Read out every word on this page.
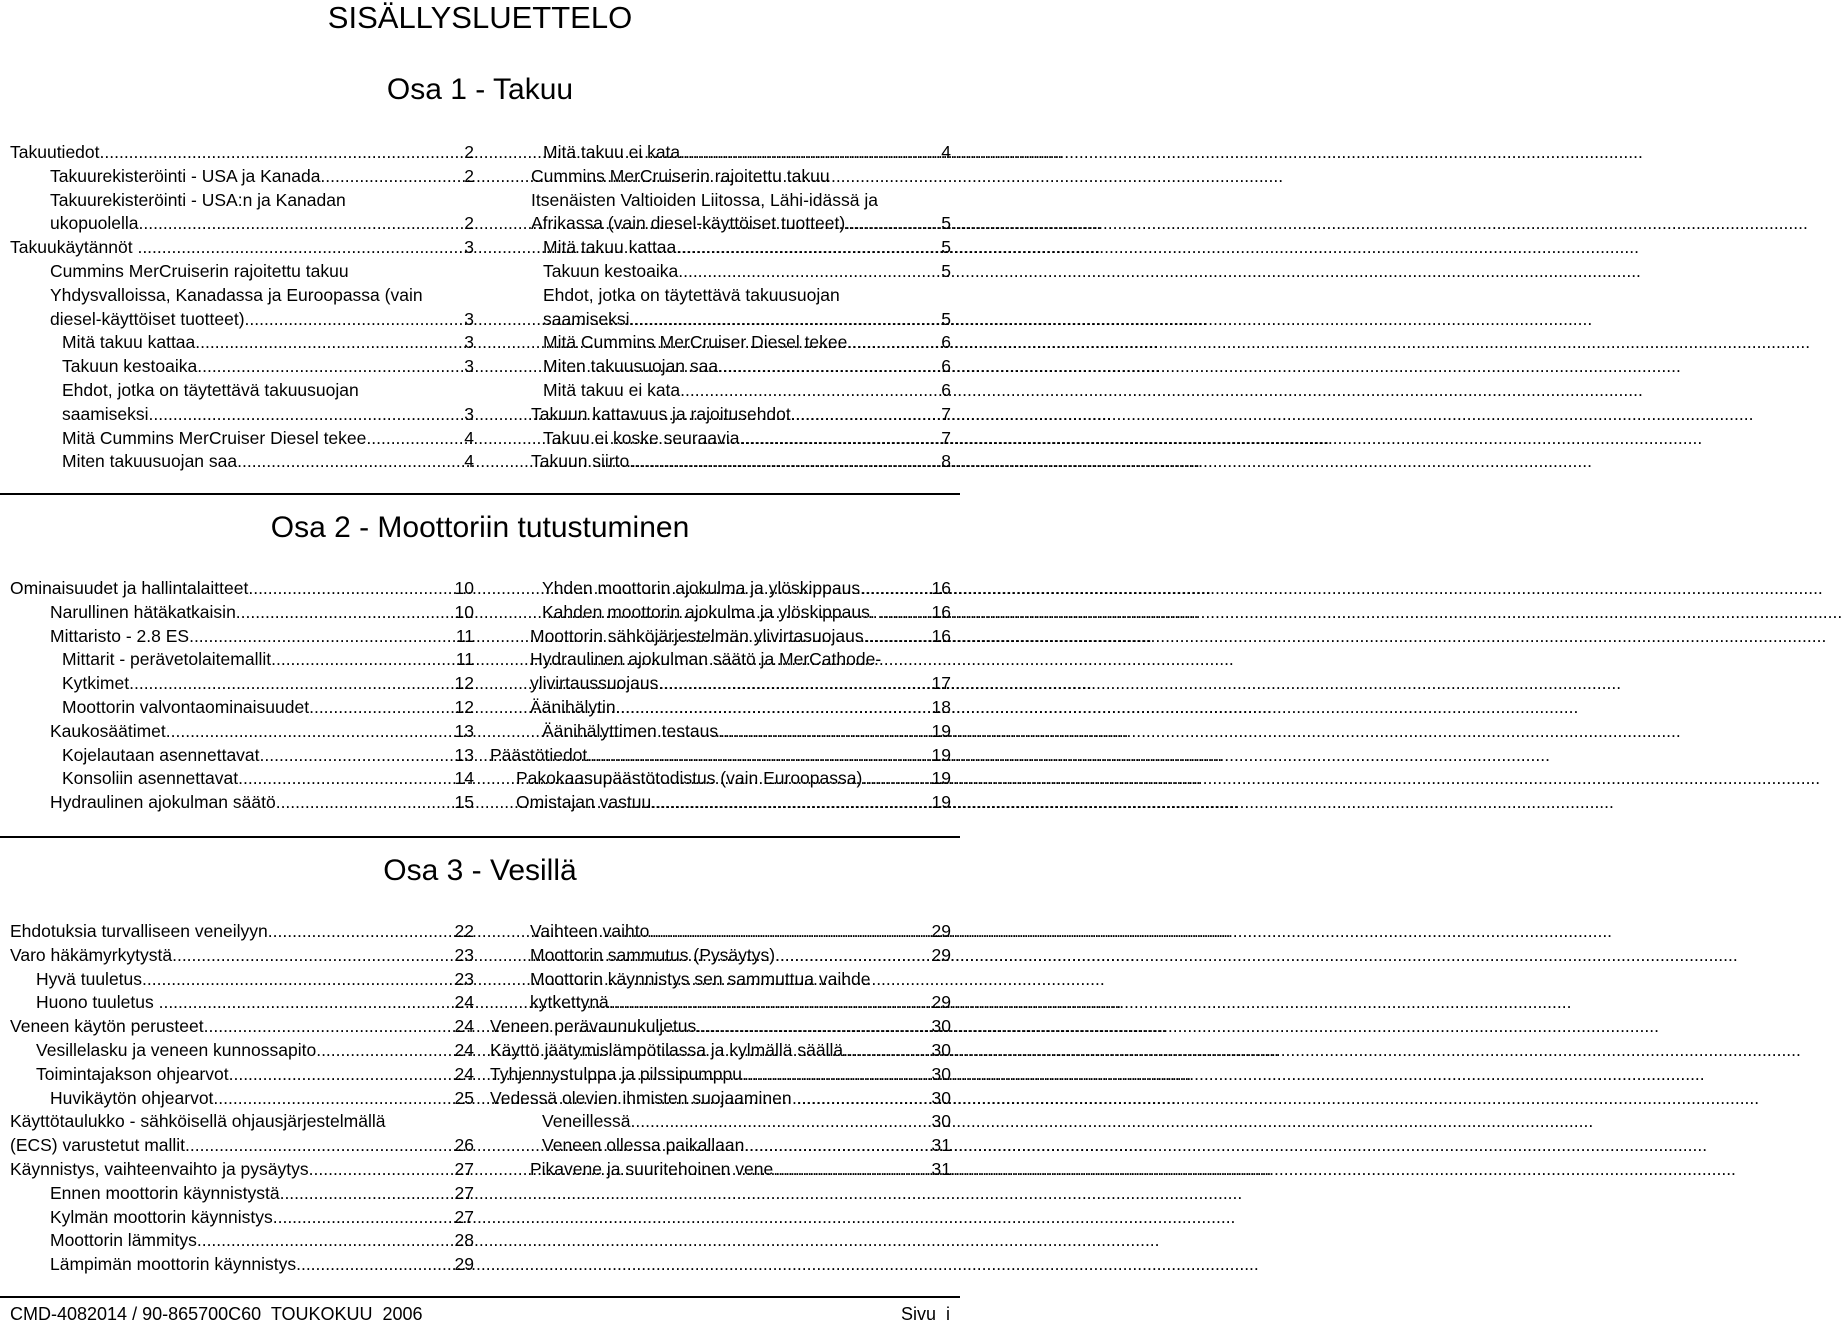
SISÄLLYSLUETTELO
Osa 1 - Takuu
Takuutiedot. .....	2
Takuurekisteröinti - USA ja Kanada. .....	2
Takuurekisteröinti - USA:n ja Kanadan
ukopuolella. .....	2
Takuukäytännöt . .....	3
Cummins MerCruiserin rajoitettu takuu
Yhdysvalloissa, Kanadassa ja Euroopassa (vain
diesel-käyttöiset tuotteet). .....	3
Mitä takuu kattaa. .....	3
Takuun kestoaika. .....	3
Ehdot, jotka on täytettävä takuusuojan
saamiseksi. .....	3
Mitä Cummins MerCruiser Diesel tekee. .....	4
Miten takuusuojan saa. .....	4
Mitä takuu ei kata. .....	4
Cummins MerCruiserin rajoitettu takuu
Itsenäisten Valtioiden Liitossa, Lähi-idässä ja
Afrikassa (vain diesel-käyttöiset tuotteet). .....	5
Mitä takuu kattaa. .....	5
Takuun kestoaika. .....	5
Ehdot, jotka on täytettävä takuusuojan
saamiseksi. .....	5
Mitä Cummins MerCruiser Diesel tekee. .....	6
Miten takuusuojan saa. .....	6
Mitä takuu ei kata. .....	6
Takuun kattavuus ja rajoitusehdot. .....	7
Takuu ei koske seuraavia. .....	7
Takuun siirto. .....	8
Osa 2 - Moottoriin tutustuminen
Ominaisuudet ja hallintalaitteet. .....	10
Narullinen hätäkatkaisin. .....	10
Mittaristo - 2.8 ES. .....	11
Mittarit - perävetolaitemallit. .....	11
Kytkimet. .....	12
Moottorin valvontaominaisuudet. .....	12
Kaukosäätimet. .....	13
Kojelautaan asennettavat. .....	13
Konsoliin asennettavat. .....	14
Hydraulinen ajokulman säätö. .....	15
Yhden moottorin ajokulma ja ylöskippaus. .....	16
Kahden moottorin ajokulma ja ylöskippaus. . .....	16
Moottorin sähköjärjestelmän ylivirtasuojaus. .....	16
Hydraulinen ajokulman säätö ja MerCathode-
ylivirtaussuojaus. .....	17
Äänihälytin. .....	18
Äänihälyttimen testaus. .....	19
Päästötiedot. .....	19
Pakokaasupäästötodistus (vain Euroopassa) .....	19
Omistajan vastuu. .....	19
Osa 3 - Vesillä
Ehdotuksia turvalliseen veneilyyn. .....	22
Varo häkämyrkytystä. .....	23
Hyvä tuuletus. .....	23
Huono tuuletus . .....	24
Veneen käytön perusteet. .....	24
Vesillelasku ja veneen kunnossapito. .....	24
Toimintajakson ohjearvot. .....	24
Huvikäytön ohjearvot. .....	25
Käyttötaulukko - sähköisellä ohjausjärjestelmällä
(ECS) varustetut mallit. .....	26
Käynnistys, vaihteenvaihto ja pysäytys. .....	27
Ennen moottorin käynnistystä. .....	27
Kylmän moottorin käynnistys. .....	27
Moottorin lämmitys. .....	28
Lämpimän moottorin käynnistys. .....	29
Vaihteen vaihto. .....	29
Moottorin sammutus (Pysäytys). .....	29
Moottorin käynnistys sen sammuttua vaihde
kytkettynä. .....	29
Veneen perävaunukuljetus. .....	30
Käyttö jäätymislämpötilassa ja kylmällä säällä .....	30
Tyhjennystulppa ja pilssipumppu. .....	30
Vedessä olevien ihmisten suojaaminen . .....	30
Veneillessä. .....	30
Veneen ollessa paikallaan. .....	31
Pikavene ja suuritehoinen vene. .....	31
CMD-4082014 / 90-865700C60  TOUKOKUU  2006	Sivu  i
